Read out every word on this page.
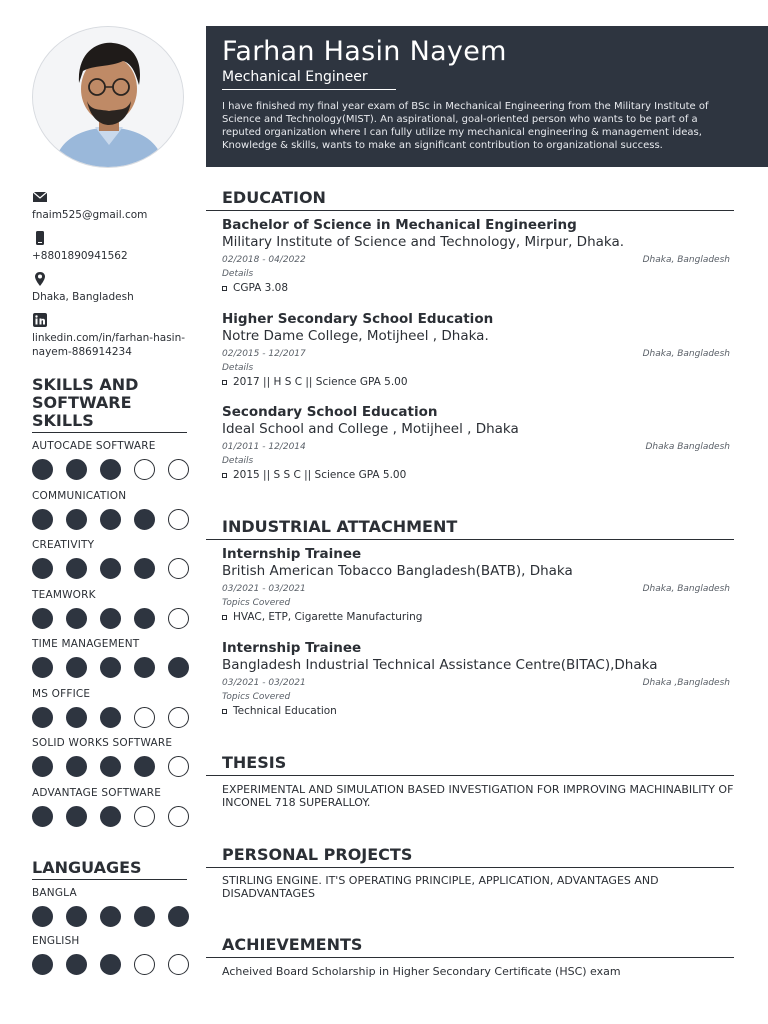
fnaim525@gmail.com
+8801890941562
Dhaka, Bangladesh
linkedin.com/in/farhan-hasin-nayem-886914234
SKILLS AND SOFTWARE SKILLS
AUTOCADE SOFTWARE
COMMUNICATION
CREATIVITY
TEAMWORK
TIME MANAGEMENT
MS OFFICE
SOLID WORKS SOFTWARE
ADVANTAGE SOFTWARE
LANGUAGES
BANGLA
ENGLISH
Farhan Hasin Nayem
Mechanical Engineer
I have finished my final year exam of BSc in Mechanical Engineering from the Military Institute of Science and Technology(MIST). An aspirational, goal-oriented person who wants to be part of a reputed organization where I can fully utilize my mechanical engineering & management ideas, Knowledge & skills, wants to make an significant contribution to organizational success.
EDUCATION
Bachelor of Science in Mechanical Engineering
Military Institute of Science and Technology, Mirpur, Dhaka.
02/2018 - 04/2022	Dhaka, Bangladesh
Details
CGPA 3.08
Higher Secondary School Education
Notre Dame College, Motijheel , Dhaka.
02/2015 - 12/2017	Dhaka, Bangladesh
Details
2017 || H S C || Science GPA 5.00
Secondary School Education
Ideal School and College , Motijheel , Dhaka
01/2011 - 12/2014	Dhaka Bangladesh
Details
2015 || S S C || Science GPA 5.00
INDUSTRIAL ATTACHMENT
Internship Trainee
British American Tobacco Bangladesh(BATB), Dhaka
03/2021 - 03/2021	Dhaka, Bangladesh
Topics Covered
HVAC, ETP, Cigarette Manufacturing
Internship Trainee
Bangladesh Industrial Technical Assistance Centre(BITAC),Dhaka
03/2021 - 03/2021	Dhaka ,Bangladesh
Topics Covered
Technical Education
THESIS
EXPERIMENTAL AND SIMULATION BASED INVESTIGATION FOR IMPROVING MACHINABILITY OF INCONEL 718 SUPERALLOY.
PERSONAL PROJECTS
STIRLING ENGINE. IT'S OPERATING PRINCIPLE, APPLICATION, ADVANTAGES AND DISADVANTAGES
ACHIEVEMENTS
Acheived Board Scholarship in Higher Secondary Certificate (HSC) exam
